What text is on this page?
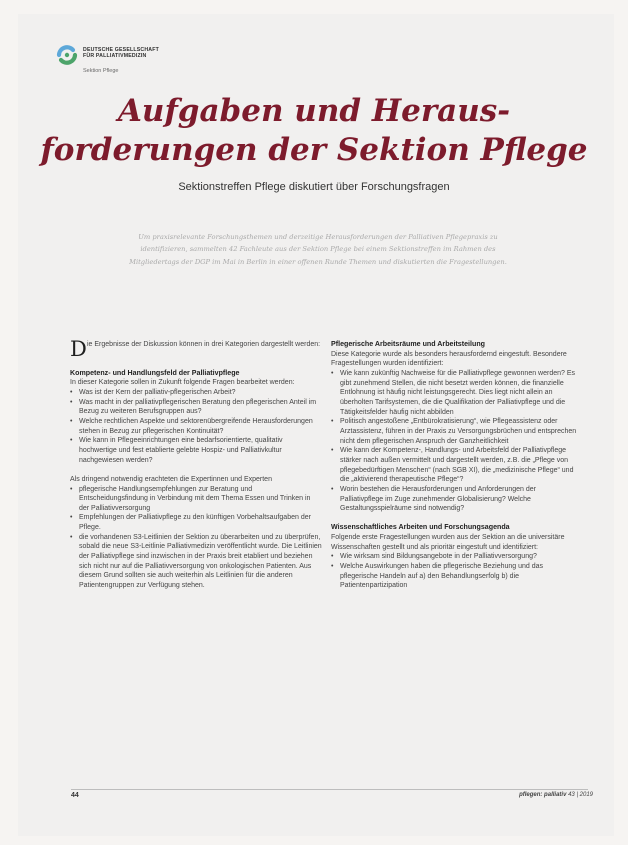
DEUTSCHE GESELLSCHAFT
FÜR PALLIATIVMEDIZIN
Sektion Pflege
Aufgaben und Heraus-
forderungen der Sektion Pflege
Sektionstreffen Pflege diskutiert über Forschungsfragen

Um praxisrelevante Forschungsthemen und derzeitige Herausforderungen der Palliativen Pflegepraxis zu identifizieren, sammelten 42 Fachleute aus der Sektion Pflege bei einem Sektionstreffen im Rahmen des Mitgliedertags der DGP im Mai in Berlin in einer offenen Runde Themen und diskutierten die Fragestellungen.

D ie Ergebnisse der Diskussion können in drei Kategorien dargestellt werden:
Kompetenz- und Handlungsfeld der Palliativpflege

In dieser Kategorie sollen in Zukunft folgende Fragen bearbeitet werden:

• Was ist der Kern der palliativ-pflegerischen Arbeit?
• Was macht in der palliativpflegerischen Beratung den pflegerischen Anteil im Bezug zu weiteren Berufsgruppen aus?
• Welche rechtlichen Aspekte und sektorenübergreifende Herausforderungen stehen in Bezug zur pflegerischen Kontinuität?
• Wie kann in Pflegeeinrichtungen eine bedarfsorientierte, qualitativ hochwertige und fest etablierte gelebte Hospiz- und Palliativkultur nachgewiesen werden?

Als dringend notwendig erachteten die Expertinnen und Experten

• pflegerische Handlungsempfehlungen zur Beratung und Entscheidungsfindung in Verbindung mit dem Thema Essen und Trinken in der Palliativversorgung
• Empfehlungen der Palliativpflege zu den künftigen Vorbehaltsaufgaben der Pflege.
• die vorhandenen S3-Leitlinien der Sektion zu überarbeiten und zu überprüfen, sobald die neue S3-Leitlinie Palliativmedizin veröffentlicht wurde. Die Leitlinien der Palliativpflege sind inzwischen in der Praxis breit etabliert und beziehen sich nicht nur auf die Palliativversorgung von onkologischen Patienten. Aus diesem Grund sollten sie auch weiterhin als Leitlinien für die anderen Patientengruppen zur Verfügung stehen.
Pflegerische Arbeitsräume und Arbeitsteilung

Diese Kategorie wurde als besonders herausfordernd eingestuft. Besondere Fragestellungen wurden identifiziert:

• Wie kann zukünftig Nachweise für die Palliativpflege gewonnen werden? Es gibt zunehmend Stellen, die nicht besetzt werden können, die finanzielle Entlohnung ist häufig nicht leistungsgerecht. Dies liegt nicht allein an überholten Tarifsystemen, die die Qualifikation der Palliativpflege und die Tätigkeitsfelder häufig nicht abbilden
• Politisch angestoßene „Entbürokratisierung“, wie Pflegeassistenz oder Arztassistenz, führen in der Praxis zu Versorgungsbrüchen und entsprechen nicht dem pflegerischen Anspruch der Ganzheitlichkeit
• Wie kann der Kompetenz-, Handlungs- und Arbeitsfeld der Palliativpflege stärker nach außen vermittelt und dargestellt werden, z.B. die „Pflege von pflegebedürftigen Menschen“ (nach SGB XI), die „medizinische Pflege“ und die „aktivierend therapeutische Pflege“?
• Worin bestehen die Herausforderungen und Anforderungen der Palliativpflege im Zuge zunehmender Globalisierung? Welche Gestaltungsspielräume sind notwendig?
Wissenschaftliches Arbeiten und Forschungsagenda

Folgende erste Fragestellungen wurden aus der Sektion an die universitäre Wissenschaften gestellt und als prioritär eingestuft und identifiziert:

• Wie wirksam sind Bildungsangebote in der Palliativversorgung?
• Welche Auswirkungen haben die pflegerische Beziehung und das pflegerische Handeln auf a) den Behandlungserfolg b) die Patientenpartizipation
44	pflegen: palliativ 43 | 2019
